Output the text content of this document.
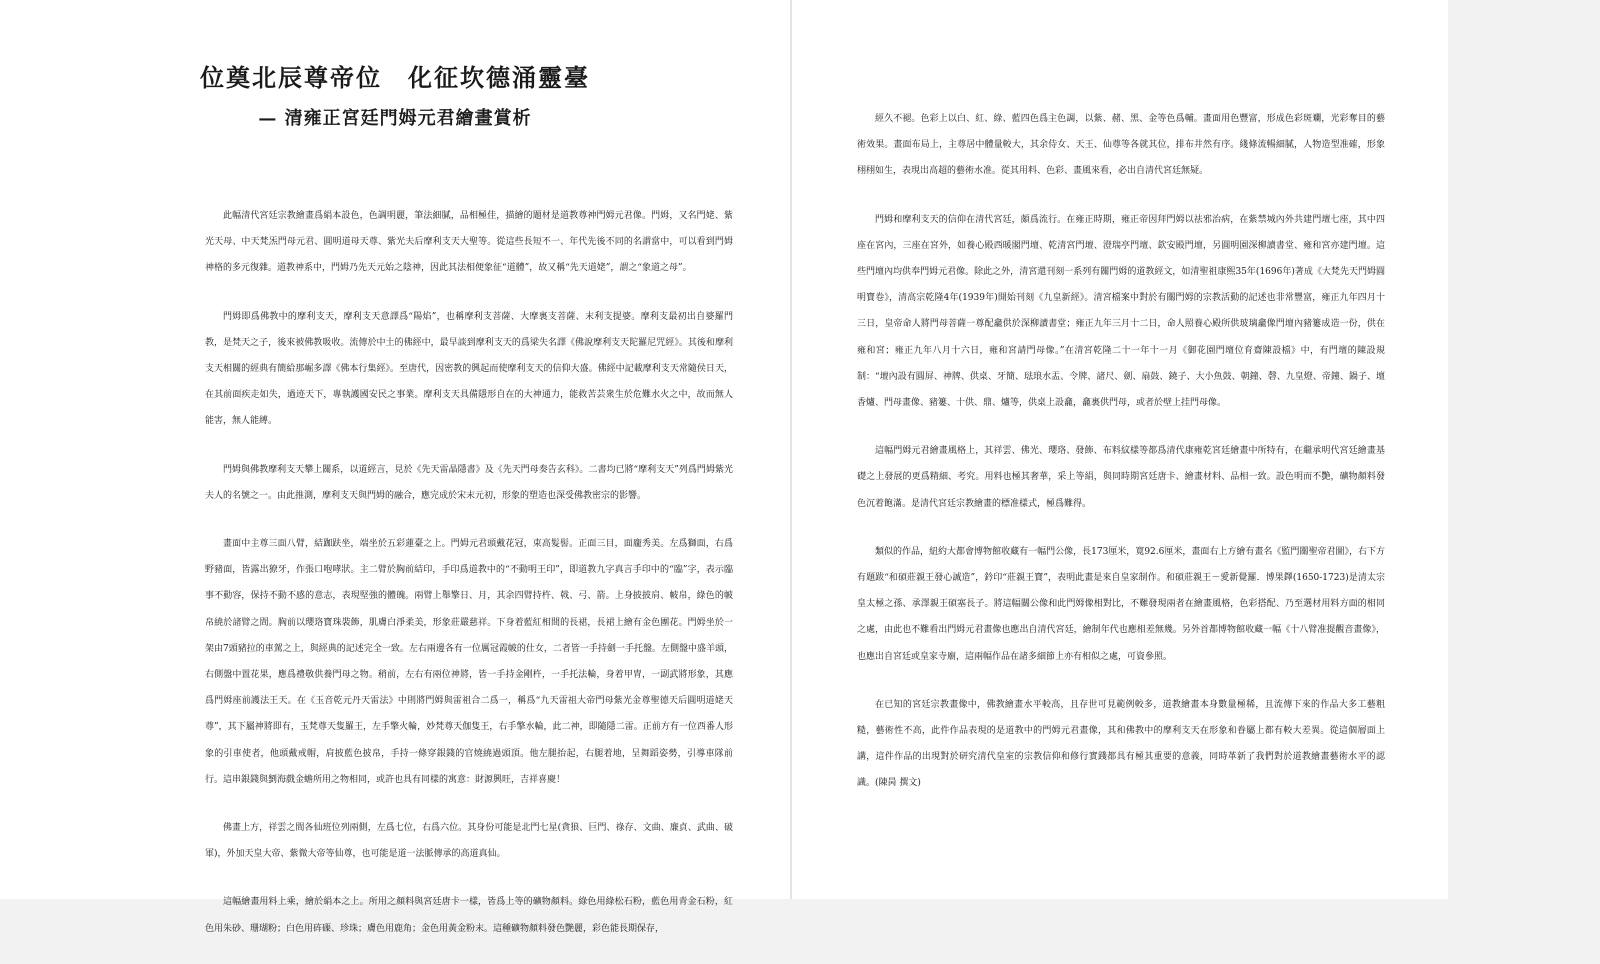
位奠北辰尊帝位　化征坎德涌靈臺
— 清雍正宮廷門姆元君繪畫賞析

此幅清代宮廷宗教繪畫爲絹本設色，色調明麗，筆法細膩，品相極佳，描繪的題材是道教尊神門姆元君像。門姆，又名門姥、紫光天母、中天梵炁門母元君、圓明道母天尊、紫光夫后摩利支天大聖等。從這些長短不一、年代先後不同的名謂當中，可以看到門姆神格的多元復雜。道教神系中，門姆乃先天元始之陰神，因此其法相便象征“道體”，故又稱“先天道姥”，謂之“象道之母”。

門姆即爲佛教中的摩利支天，摩利支天意譯爲“陽焰”，也稱摩利支菩薩、大摩裏支菩薩、末利支提婆。摩利支最初出自婆羅門教，是梵天之子，後來被佛教吸收。流傳於中土的佛經中，最早談到摩利支天的爲梁失名譯《佛說摩利支天陀羅尼咒經》。其後和摩利支天相關的經典有簡給那崛多譯《佛本行集經》。至唐代，因密教的興起而使摩利支天的信仰大盛。佛經中記載摩利支天常隨侯日天，在其前面疾走如失，過迹天下，專執護國安民之事業。摩利支天具備隱形自在的大神通力，能救苦芸衆生於危難水火之中，故而無人能害，無人能縛。

門姆與佛教摩利支天攀上關系，以道經言，見於《先天雷晶隱書》及《先天門母奏告玄科》。二書均已將“摩利支天”列爲門姆紫光夫人的名號之一。由此推測，摩利支天與門姆的融合，應完成於宋末元初，形象的塑造也深受佛教密宗的影響。

畫面中主尊三面八臂，結跏趺坐，端坐於五彩蓮臺之上。門姆元君頭戴花冠，束高髮髻。正面三目，面龐秀美。左爲獅面，右爲野豬面，皆露出獠牙，作張口咆哮狀。主二臂於胸前結印，手印爲道教中的“不動明王印”，即道教九字真言手印中的“臨”字，表示臨事不動容，保持不動不感的意志，表現堅強的體魄。兩臂上舉擎日、月，其余四臂持杵、戟、弓、箭。上身披披肩、帔帛，綠色的帔帛繞於諸臂之間。胸前以瓔珞寶珠裝飾，肌膚白淨柔美，形象莊嚴慈祥。下身着藍紅相間的長裙，長裙上繪有金色團花。門姆坐於一架由7頭豬拉的車駕之上，與經典的記述完全一致。左右兩邊各有一位厲冠霞帔的仕女，二者皆一手持劍一手托盤。左側盤中盛羊頭，右側盤中置花果，應爲禮敬供養門母之物。稍前，左右有兩位神將，皆一手持金剛杵，一手托法輪，身着甲胄，一副武將形象，其應爲門姆座前護法王天。在《玉音乾元丹天雷法》中則將門姆與雷祖合二爲一，稱爲“九天雷祖大帝門母紫光金尊聖德天后圓明道姥天尊”，其下屬神將即有，玉梵尊天隻羅王，左手擎火輪，妙梵尊天伽隻王，右手擎水輪，此二神，即隨隱二雷。正前方有一位西番人形象的引車使者，他頭戴戒帽，肩披藍色披帛，手持一條穿銀錢的官燒繞過頭頂。他左腿抬起，右腿着地，呈舞蹈姿勢，引導車隊前行。這串銀錢與劉海戲金蟾所用之物相同，或許也具有同樣的寓意：財源興旺，吉祥喜慶！

佛畫上方，祥雲之間各仙班位列兩側，左爲七位，右爲六位。其身份可能是北門七星(貪狼、巨門、祿存、文曲、廉貞、武曲、破軍)，外加天皇大帝、紫微大帝等仙尊，也可能是道一法脈傳承的高道真仙。

這幅繪畫用料上乘，繪於絹本之上。所用之顏料與宮廷唐卡一樣，皆爲上等的礦物顏料。綠色用綠松石粉，藍色用青金石粉，紅色用朱砂、珊瑚粉；白色用砗磲、珍珠；膚色用鹿角；金色用黃金粉末。這種礦物顏料發色艷麗，彩色能長期保存，

經久不褪。色彩上以白、紅、綠、藍四色爲主色調，以紫、赭、黑、金等色爲輔。畫面用色豐富，形成色彩斑斕，光彩奪目的藝術效果。畫面布局上，主尊居中體量較大，其余侍女、天王、仙尊等各就其位，排布井然有序。綫條流暢細膩，人物造型准確，形象栩栩如生，表現出高超的藝術水准。從其用料、色彩、畫風來看，必出自清代宮廷無疑。

門姆和摩利支天的信仰在清代宮廷，頗爲流行。在雍正時期，雍正帝因拜門姆以祛邪治病，在紫禁城內外共建門壇七座，其中四座在宮內，三座在宮外，如養心殿西暖閣門壇、乾清宮門壇、澄瑞亭門壇、欽安殿門壇，另圓明園深柳讀書堂、雍和宮亦建門壇。這些門壇內均供奉門姆元君像。除此之外，清宮還刊刻一系列有關門姆的道教經文，如清聖祖康熙35年(1696年)著成《大梵先天門姆圓明寶卷》，清高宗乾隆4年(1939年)開始刊刻《九皇新經》。清宮檔案中對於有關門姆的宗教活動的記述也非常豐富，雍正九年四月十三日，皇帝命人將門母菩薩一尊配龕供於深柳讀書堂；雍正九年三月十二日，命人照養心殿所供玻璃龕像門壇內豬簍成造一份，供在雍和宮；雍正九年八月十六日，雍和宮請門母像。”在清宮乾隆二十一年十一月《御花園門壇位育齋陳設檔》中，有門壇的陳設規制：“壇內設有圓屏、神牌、供桌、牙簡、琺琅水盂、令牌、諸尺、劍、扇鼓、鐃子、大小魚鼓、朝鐘、磬、九皇燈、帝鐘、鍋子、壇香爐、門母畫像、豬簍、十供、鼎、爐等，供桌上設龕，龕裏供門母，或者於壁上挂門母像。

這幅門姆元君繪畫風格上，其祥雲、佛光、瓔珞、發飾、布料紋樣等都爲清代康雍乾宮廷繪畫中所特有，在繼承明代宮廷繪畫基礎之上發展的更爲精細、考究。用料也極其奢華，采上等絹，與同時期宮廷唐卡、繪畫材料、品相一致。設色明而不艷，礦物顏料發色沉着飽滿。是清代宮廷宗教繪畫的標准樣式，極爲難得。

類似的作品，紐約大都會博物館收藏有一幅門公像，長173厘米，寬92.6厘米，畫面右上方繪有畫名《監門關聖帝君圖》，右下方有題跋“和碩莊親王發心誠造”，鈐印“莊親王寶”，表明此畫是來自皇家制作。和碩莊親王－愛新覺羅．博果鐸(1650-1723)是清太宗皇太極之孫、承澤親王碩塞長子。將這幅關公像和此門姆像相對比，不難發現兩者在繪畫風格，色彩搭配、乃至選材用料方面的相同之處，由此也不難看出門姆元君畫像也應出自清代宮廷，繪制年代也應相差無幾。另外首都博物館收藏一幅《十八臂准提觀音畫像》，也應出自宮廷或皇家寺廟，這兩幅作品在諸多細節上亦有相似之處，可資參照。

在已知的宮廷宗教畫像中，佛教繪畫水平較高，且存世可見範例較多，道教繪畫本身數量極稀，且流傳下來的作品大多工藝粗糙，藝術性不高，此件作品表現的是道教中的門姆元君畫像，其和佛教中的摩利支天在形象和眷屬上都有較大差異。從這個層面上講，這件作品的出現對於研究清代皇室的宗教信仰和修行實踐都具有極其重要的意義，同時革新了我們對於道教繪畫藝術水平的認識。(陳昺 撰文)
